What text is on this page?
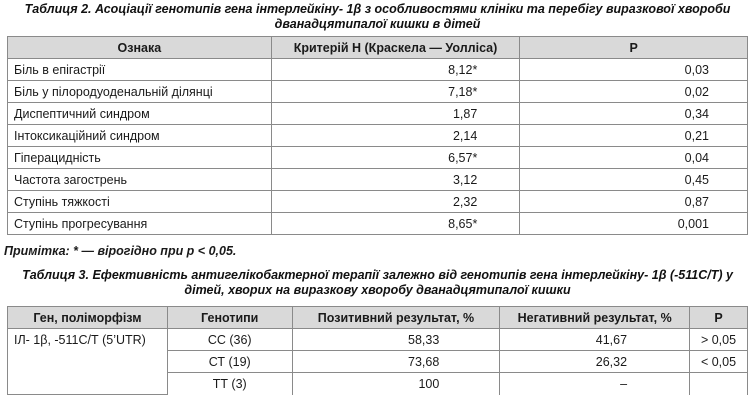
Таблиця 2. Асоціації генотипів гена інтерлейкіну- 1β з особливостями клініки та перебігу виразкової хвороби дванадцятипалої кишки в дітей
Ознака	Критерій Н (Краскела — Уолліса)	Р
Біль в епігастрії	8,12*	0,03
Біль у пілородуоденальній ділянці	7,18*	0,02
Диспептичний синдром	1,87	0,34
Інтоксикаційний синдром	2,14	0,21
Гіперацидність	6,57*	0,04
Частота загострень	3,12	0,45
Ступінь тяжкості	2,32	0,87
Ступінь прогресування	8,65*	0,001
Примітка: * — вірогідно при p < 0,05.
Таблиця 3. Ефективність антигелікобактерної терапії залежно від генотипів гена інтерлейкіну- 1β (-511С/Т) у дітей, хворих на виразкову хворобу дванадцятипалої кишки
Ген, поліморфізм	Генотипи	Позитивний результат, %	Негативний результат, %	Р
ІЛ- 1β, -511С/Т (5’UTR)	СС (36)	58,33	41,67	> 0,05
	СТ (19)	73,68	26,32	< 0,05
	ТТ (3)	100	–	
